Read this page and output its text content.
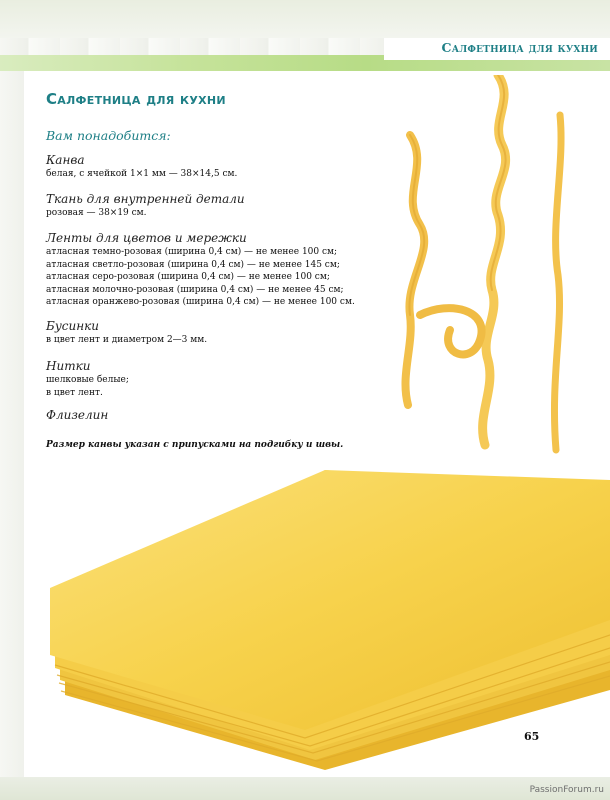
Салфетница для кухни
Салфетница для кухни
Вам понадобится:

Канва

белая, с ячейкой 1×1 мм — 38×14,5 см.

Ткань для внутренней детали

розовая — 38×19 см.

Ленты для цветов и мережки

атласная темно-розовая (ширина 0,4 см) — не менее 100 см;

атласная светло-розовая (ширина 0,4 см) — не менее 145 см;

атласная серо-розовая (ширина 0,4 см) — не менее 100 см;

атласная молочно-розовая (ширина 0,4 см) — не менее 45 см;

атласная оранжево-розовая (ширина 0,4 см) — не менее 100 см.

Бусинки

в цвет лент и диаметром 2—3 мм.

Нитки

шелковые белые;

в цвет лент.

Флизелин

Размер канвы указан с припусками на подгибку и швы.
65
PassionForum.ru
